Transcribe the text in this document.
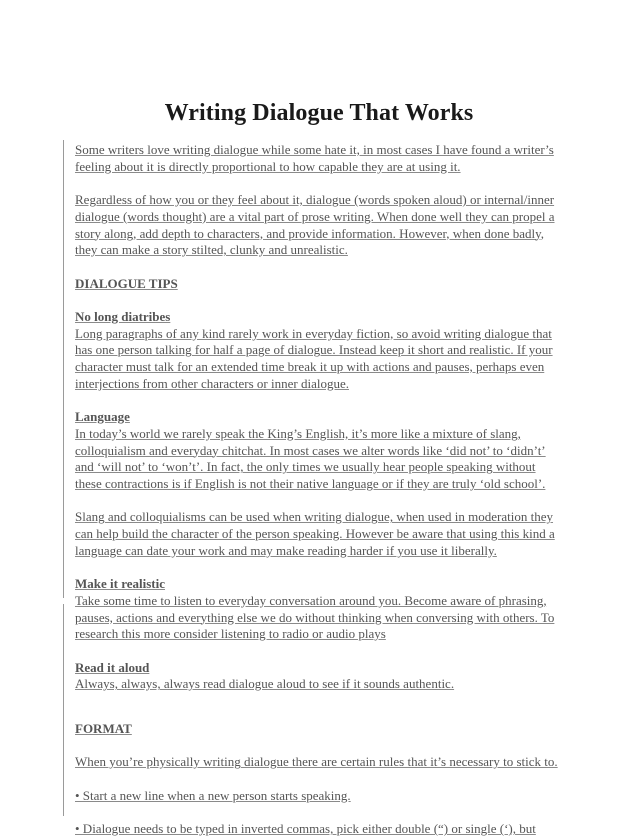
Writing Dialogue That Works

Some writers love writing dialogue while some hate it, in most cases I have found a writer’s feeling about it is directly proportional to how capable they are at using it.

Regardless of how you or they feel about it, dialogue (words spoken aloud) or internal/inner dialogue (words thought) are a vital part of prose writing. When done well they can propel a story along, add depth to characters, and provide information. However, when done badly, they can make a story stilted, clunky and unrealistic.

DIALOGUE TIPS

No long diatribes

Long paragraphs of any kind rarely work in everyday fiction, so avoid writing dialogue that has one person talking for half a page of dialogue. Instead keep it short and realistic. If your character must talk for an extended time break it up with actions and pauses, perhaps even interjections from other characters or inner dialogue.

Language

In today’s world we rarely speak the King’s English, it’s more like a mixture of slang, colloquialism and everyday chitchat. In most cases we alter words like ‘did not’ to ‘didn’t’ and ‘will not’ to ‘won’t’. In fact, the only times we usually hear people speaking without these contractions is if English is not their native language or if they are truly ‘old school’.

Slang and colloquialisms can be used when writing dialogue, when used in moderation they can help build the character of the person speaking. However be aware that using this kind a language can date your work and may make reading harder if you use it liberally.

Make it realistic

Take some time to listen to everyday conversation around you. Become aware of phrasing, pauses, actions and everything else we do without thinking when conversing with others. To research this more consider listening to radio or audio plays

Read it aloud

Always, always, always read dialogue aloud to see if it sounds authentic.

FORMAT

When you’re physically writing dialogue there are certain rules that it’s necessary to stick to.

• Start a new line when a new person starts speaking.

• Dialogue needs to be typed in inverted commas, pick either double (“) or single (‘), but
